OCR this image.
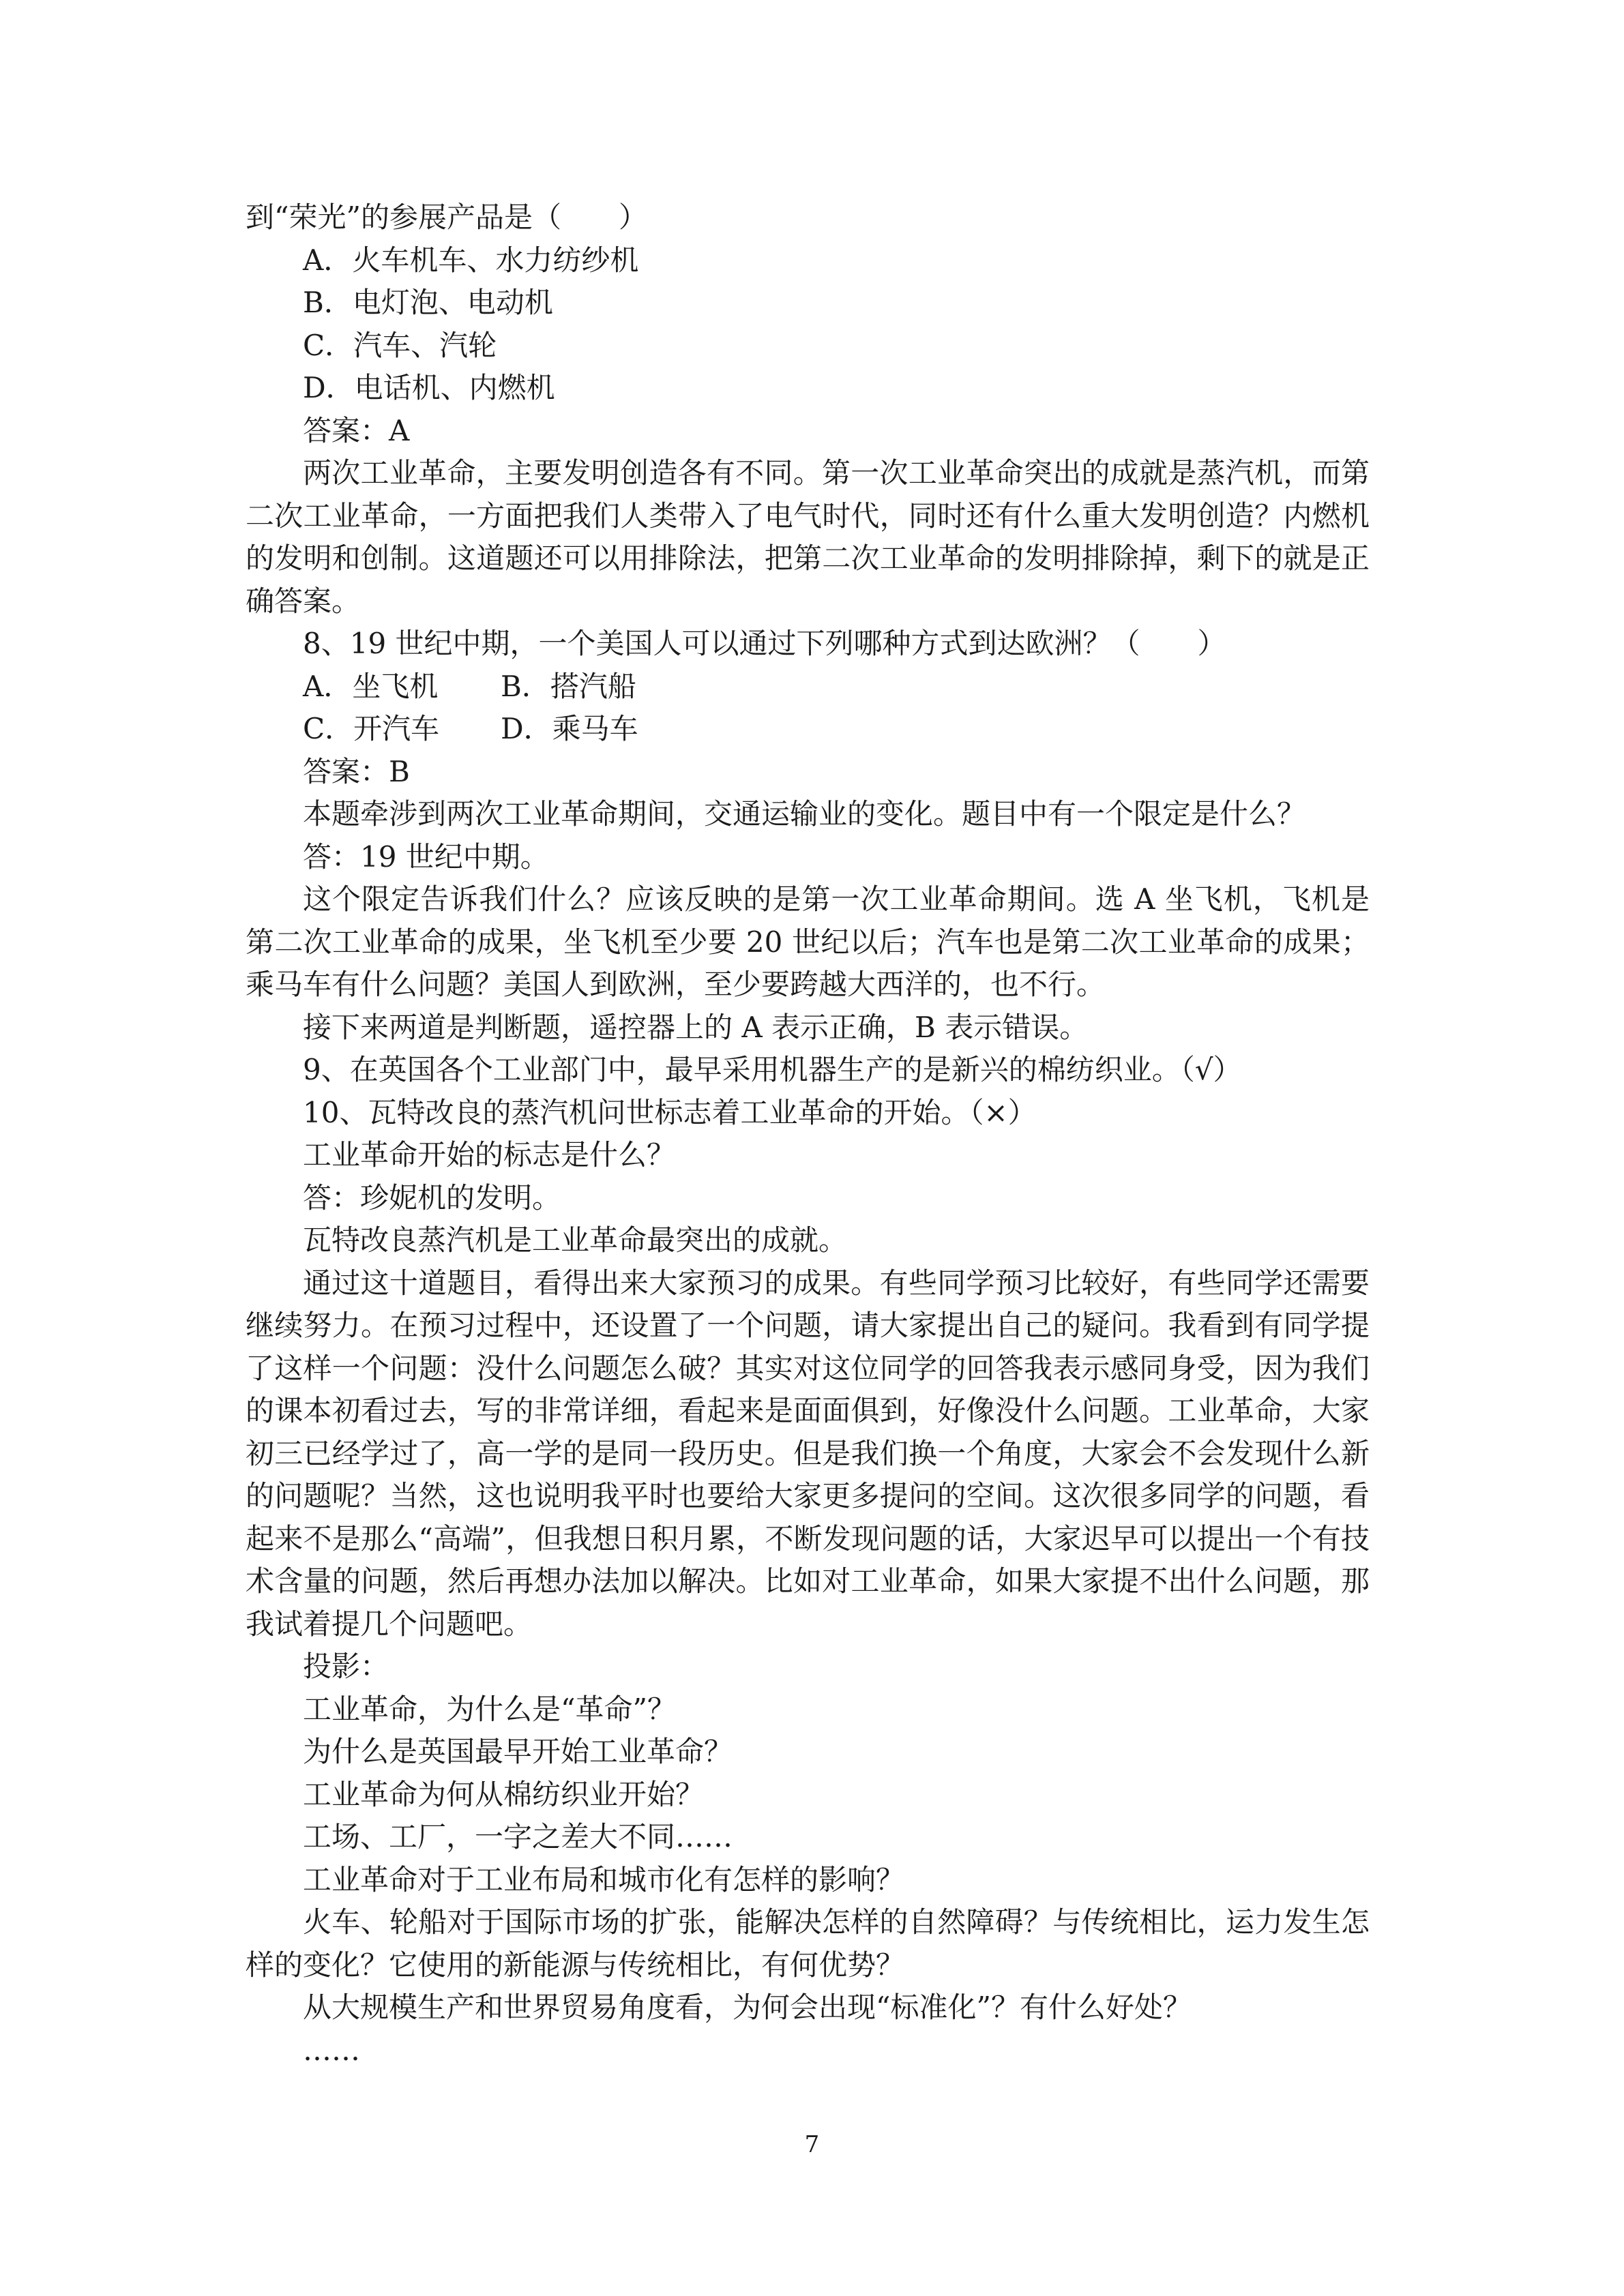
到“荣光”的参展产品是（　　）
A．火车机车、水力纺纱机
B．电灯泡、电动机
C．汽车、汽轮
D．电话机、内燃机
答案：A

两次工业革命，主要发明创造各有不同。第一次工业革命突出的成就是蒸汽机，而第二次工业革命，一方面把我们人类带入了电气时代，同时还有什么重大发明创造？内燃机的发明和创制。这道题还可以用排除法，把第二次工业革命的发明排除掉，剩下的就是正确答案。

8、19 世纪中期，一个美国人可以通过下列哪种方式到达欧洲？（　　）
A．坐飞机	B．搭汽船
C．开汽车	D．乘马车
答案：B
本题牵涉到两次工业革命期间，交通运输业的变化。题目中有一个限定是什么？
答：19 世纪中期。

这个限定告诉我们什么？应该反映的是第一次工业革命期间。选 A 坐飞机，飞机是第二次工业革命的成果，坐飞机至少要 20 世纪以后；汽车也是第二次工业革命的成果；乘马车有什么问题？美国人到欧洲，至少要跨越大西洋的，也不行。

接下来两道是判断题，遥控器上的 A 表示正确，B 表示错误。
9、在英国各个工业部门中，最早采用机器生产的是新兴的棉纺织业。（√）
10、瓦特改良的蒸汽机问世标志着工业革命的开始。（×）
工业革命开始的标志是什么？
答：珍妮机的发明。
瓦特改良蒸汽机是工业革命最突出的成就。

通过这十道题目，看得出来大家预习的成果。有些同学预习比较好，有些同学还需要继续努力。在预习过程中，还设置了一个问题，请大家提出自己的疑问。我看到有同学提了这样一个问题：没什么问题怎么破？其实对这位同学的回答我表示感同身受，因为我们的课本初看过去，写的非常详细，看起来是面面俱到，好像没什么问题。工业革命，大家初三已经学过了，高一学的是同一段历史。但是我们换一个角度，大家会不会发现什么新的问题呢？当然，这也说明我平时也要给大家更多提问的空间。这次很多同学的问题，看起来不是那么“高端”，但我想日积月累，不断发现问题的话，大家迟早可以提出一个有技术含量的问题，然后再想办法加以解决。比如对工业革命，如果大家提不出什么问题，那我试着提几个问题吧。

投影：
工业革命，为什么是“革命”？
为什么是英国最早开始工业革命？
工业革命为何从棉纺织业开始？
工场、工厂，一字之差大不同……
工业革命对于工业布局和城市化有怎样的影响？

火车、轮船对于国际市场的扩张，能解决怎样的自然障碍？与传统相比，运力发生怎样的变化？它使用的新能源与传统相比，有何优势？

从大规模生产和世界贸易角度看，为何会出现“标准化”？有什么好处？
……
7
